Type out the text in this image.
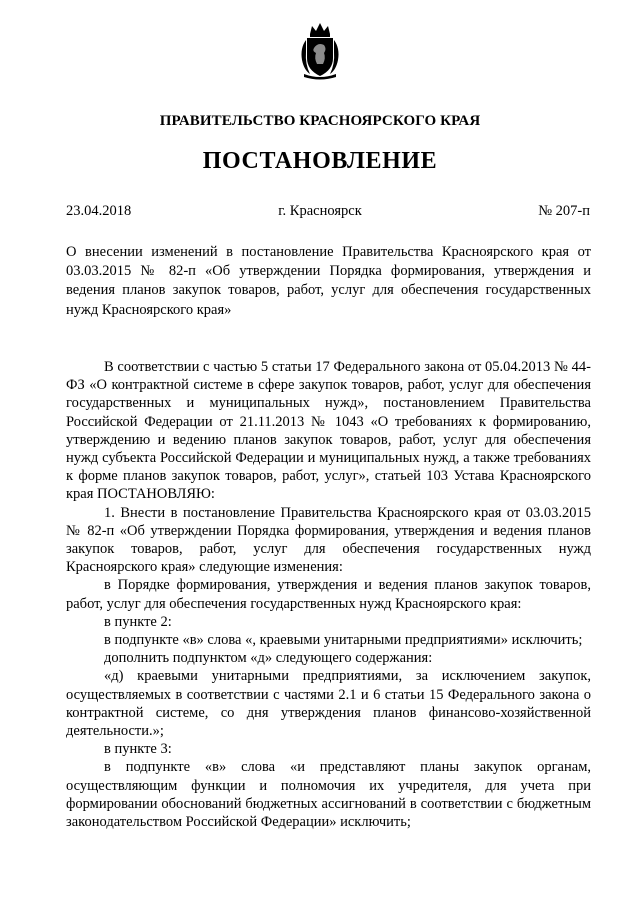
ПРАВИТЕЛЬСТВО КРАСНОЯРСКОГО КРАЯ
ПОСТАНОВЛЕНИЕ
23.04.2018	г. Красноярск	№ 207-п
О внесении изменений в постановление Правительства Красноярского края от 03.03.2015 № 82-п «Об утверждении Порядка формирования, утверждения и ведения планов закупок товаров, работ, услуг для обеспечения государственных нужд Красноярского края»

В соответствии с частью 5 статьи 17 Федерального закона от 05.04.2013 № 44-ФЗ «О контрактной системе в сфере закупок товаров, работ, услуг для обеспечения государственных и муниципальных нужд», постановлением Правительства Российской Федерации от 21.11.2013 № 1043 «О требованиях к формированию, утверждению и ведению планов закупок товаров, работ, услуг для обеспечения нужд субъекта Российской Федерации и муниципальных нужд, а также требованиях к форме планов закупок товаров, работ, услуг», статьей 103 Устава Красноярского края ПОСТАНОВЛЯЮ:

1. Внести в постановление Правительства Красноярского края от 03.03.2015 № 82-п «Об утверждении Порядка формирования, утверждения и ведения планов закупок товаров, работ, услуг для обеспечения государственных нужд Красноярского края» следующие изменения:

в Порядке формирования, утверждения и ведения планов закупок товаров, работ, услуг для обеспечения государственных нужд Красноярского края:

в пункте 2:

в подпункте «в» слова «, краевыми унитарными предприятиями» исключить;

дополнить подпунктом «д» следующего содержания:

«д) краевыми унитарными предприятиями, за исключением закупок, осуществляемых в соответствии с частями 2.1 и 6 статьи 15 Федерального закона о контрактной системе, со дня утверждения планов финансово-хозяйственной деятельности.»;

в пункте 3:

в подпункте «в» слова «и представляют планы закупок органам, осуществляющим функции и полномочия их учредителя, для учета при формировании обоснований бюджетных ассигнований в соответствии с бюджетным законодательством Российской Федерации» исключить;
